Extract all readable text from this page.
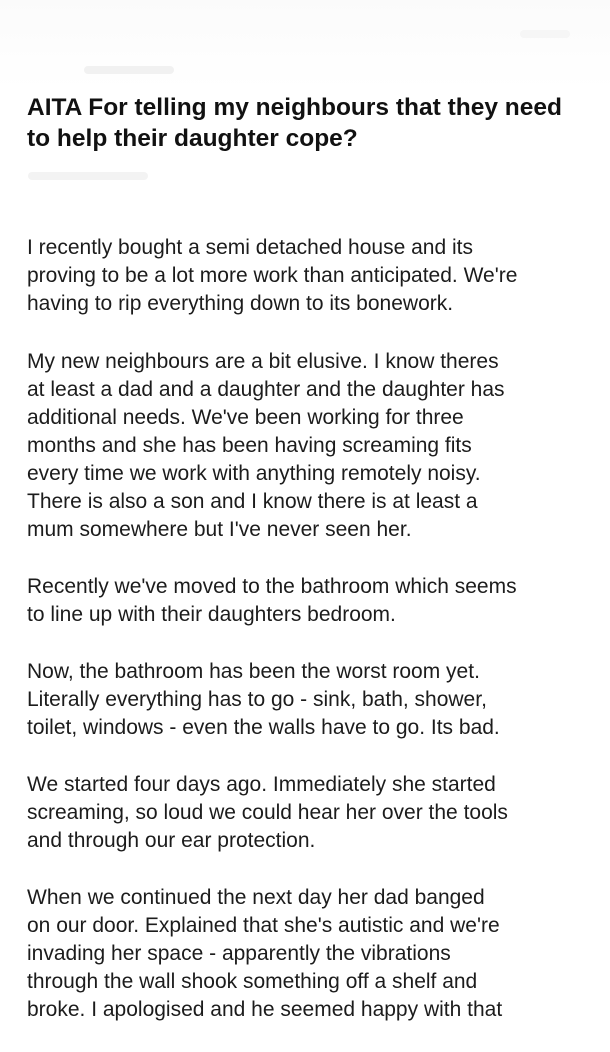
AITA For telling my neighbours that they need to help their daughter cope?

I recently bought a semi detached house and its
proving to be a lot more work than anticipated. We're
having to rip everything down to its bonework.

My new neighbours are a bit elusive. I know theres
at least a dad and a daughter and the daughter has
additional needs. We've been working for three
months and she has been having screaming fits
every time we work with anything remotely noisy.
There is also a son and I know there is at least a
mum somewhere but I've never seen her.

Recently we've moved to the bathroom which seems
to line up with their daughters bedroom.

Now, the bathroom has been the worst room yet.
Literally everything has to go - sink, bath, shower,
toilet, windows - even the walls have to go. Its bad.

We started four days ago. Immediately she started
screaming, so loud we could hear her over the tools
and through our ear protection.

When we continued the next day her dad banged
on our door. Explained that she's autistic and we're
invading her space - apparently the vibrations
through the wall shook something off a shelf and
broke. I apologised and he seemed happy with that
